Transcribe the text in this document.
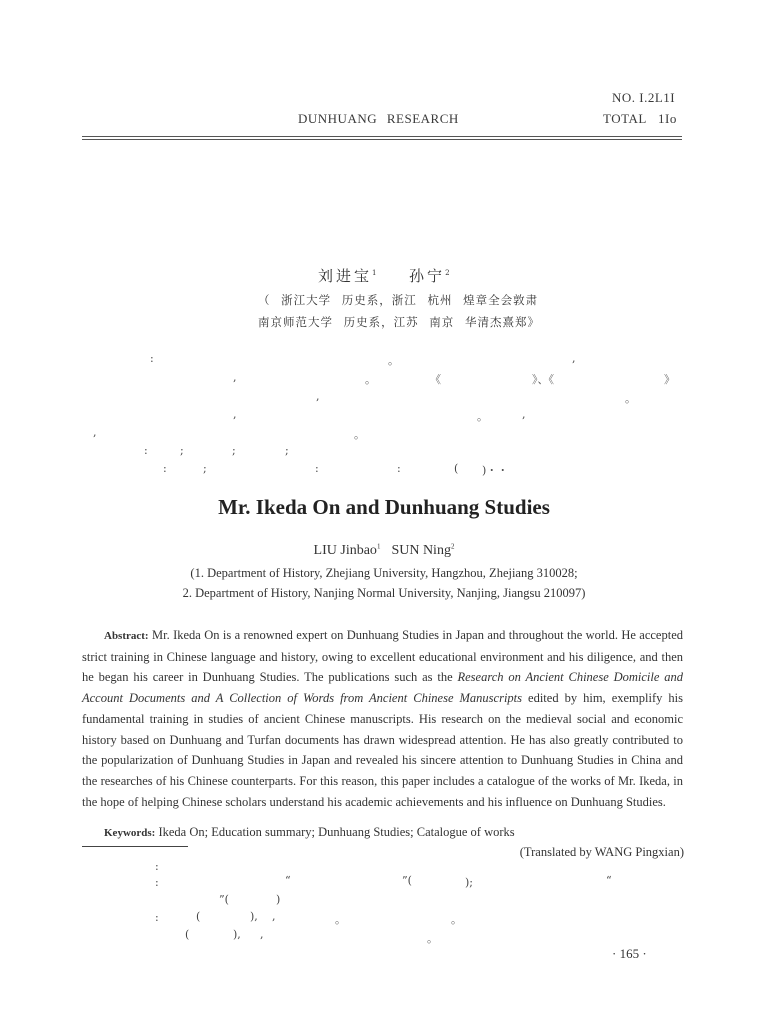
NO. I.2L1I
DUNHUANG RESEARCH	TOTAL 1Io
刘进宝$^1$ 孙宁$^2$
（ 浙江大学 历史系，浙江 杭州 煌章全会敦肃
南京师范大学 历史系，江苏 南京 华清杰熹郑》
:	。	,
,	。	《	》、《	》
,	。
,	。	,
,	。
:	;	;	;
:	;	:	:	( )・・
Mr. Ikeda On and Dunhuang Studies
LIU Jinbao$^1$ SUN Ning$^2$
(1. Department of History, Zhejiang University, Hangzhou, Zhejiang 310028;
2. Department of History, Nanjing Normal University, Nanjing, Jiangsu 210097)
Abstract: Mr. Ikeda On is a renowned expert on Dunhuang Studies in Japan and throughout the world. He accepted strict training in Chinese language and history, owing to excellent educational environment and his diligence, and then he began his career in Dunhuang Studies. The publications such as the Research on Ancient Chinese Domicile and Account Documents and A Collection of Words from Ancient Chinese Manuscripts edited by him, exemplify his fundamental training in studies of ancient Chinese manuscripts. His research on the medieval social and economic history based on Dunhuang and Turfan documents has drawn widespread attention. He has also greatly contributed to the popularization of Dunhuang Studies in Japan and revealed his sincere attention to Dunhuang Studies in China and the researches of his Chinese counterparts. For this reason, this paper includes a catalogue of the works of Mr. Ikeda, in the hope of helping Chinese scholars understand his academic achievements and his influence on Dunhuang Studies.
Keywords: Ikeda On; Education summary; Dunhuang Studies; Catalogue of works
(Translated by WANG Pingxian)
:
:	“	”(	);	“
”(	)
:	(	), ,	。	。
(	), ,	。
· 165 ·
